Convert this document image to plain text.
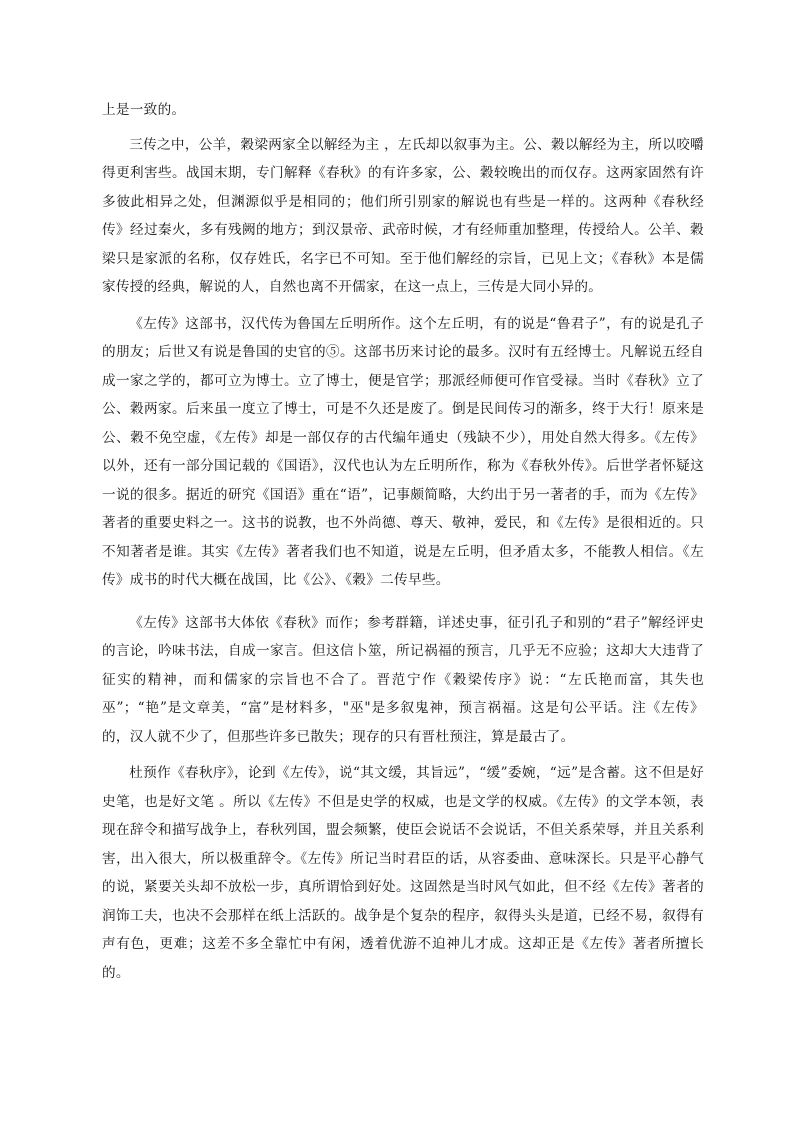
上是一致的。

三传之中，公羊，穀梁两家全以解经为主 ，左氏却以叙事为主。公、穀以解经为主，所以咬嚼得更利害些。战国末期，专门解释《春秋》的有许多家，公、穀较晚出的而仅存。这两家固然有许多彼此相异之处，但渊源似乎是相同的；他们所引别家的解说也有些是一样的。这两种《春秋经传》经过秦火，多有残阙的地方；到汉景帝、武帝时候，才有经师重加整理，传授给人。公羊、穀梁只是家派的名称，仅存姓氏，名字已不可知。至于他们解经的宗旨，已见上文；《春秋》本是儒家传授的经典，解说的人，自然也离不开儒家，在这一点上，三传是大同小异的。

《左传》这部书，汉代传为鲁国左丘明所作。这个左丘明，有的说是“鲁君子”，有的说是孔子的朋友；后世又有说是鲁国的史官的⑤。这部书历来讨论的最多。汉时有五经博士。凡解说五经自成一家之学的，都可立为博士。立了博士，便是官学；那派经师便可作官受禄。当时《春秋》立了公、穀两家。后来虽一度立了博士，可是不久还是废了。倒是民间传习的渐多，终于大行！原来是公、穀不免空虚，《左传》却是一部仅存的古代编年通史（残缺不少），用处自然大得多。《左传》以外，还有一部分国记载的《国语》，汉代也认为左丘明所作，称为《春秋外传》。后世学者怀疑这一说的很多。据近的研究《国语》重在“语”，记事颇简略，大约出于另一著者的手，而为《左传》著者的重要史料之一。这书的说教，也不外尚德、尊天、敬神，爱民，和《左传》是很相近的。只不知著者是谁。其实《左传》著者我们也不知道，说是左丘明，但矛盾太多，不能教人相信。《左传》成书的时代大概在战国，比《公》、《穀》二传早些。

《左传》这部书大体依《春秋》而作；参考群籍，详述史事，征引孔子和别的“君子”解经评史的言论，吟味书法，自成一家言。但这信卜筮，所记祸福的预言，几乎无不应验；这却大大违背了征实的精神，而和儒家的宗旨也不合了。晋范宁作《穀梁传序》说：“左氏艳而富，其失也巫”；“艳”是文章美，“富”是材料多，"巫"是多叙鬼神，预言祸福。这是句公平话。注《左传》的，汉人就不少了，但那些许多已散失；现存的只有晋杜预注，算是最古了。

杜预作《春秋序》，论到《左传》，说“其文缓，其旨远”，“缓”委婉，“远”是含蓄。这不但是好史笔，也是好文笔 。所以《左传》不但是史学的权威，也是文学的权威。《左传》的文学本领，表现在辞令和描写战争上，春秋列国，盟会频繁，使臣会说话不会说话，不但关系荣辱，并且关系利害，出入很大，所以极重辞令。《左传》所记当时君臣的话，从容委曲、意味深长。只是平心静气的说，紧要关头却不放松一步，真所谓恰到好处。这固然是当时风气如此，但不经《左传》著者的润饰工夫，也决不会那样在纸上活跃的。战争是个复杂的程序，叙得头头是道，已经不易，叙得有声有色，更难；这差不多全靠忙中有闲，透着优游不迫神儿才成。这却正是《左传》著者所擅长的。
